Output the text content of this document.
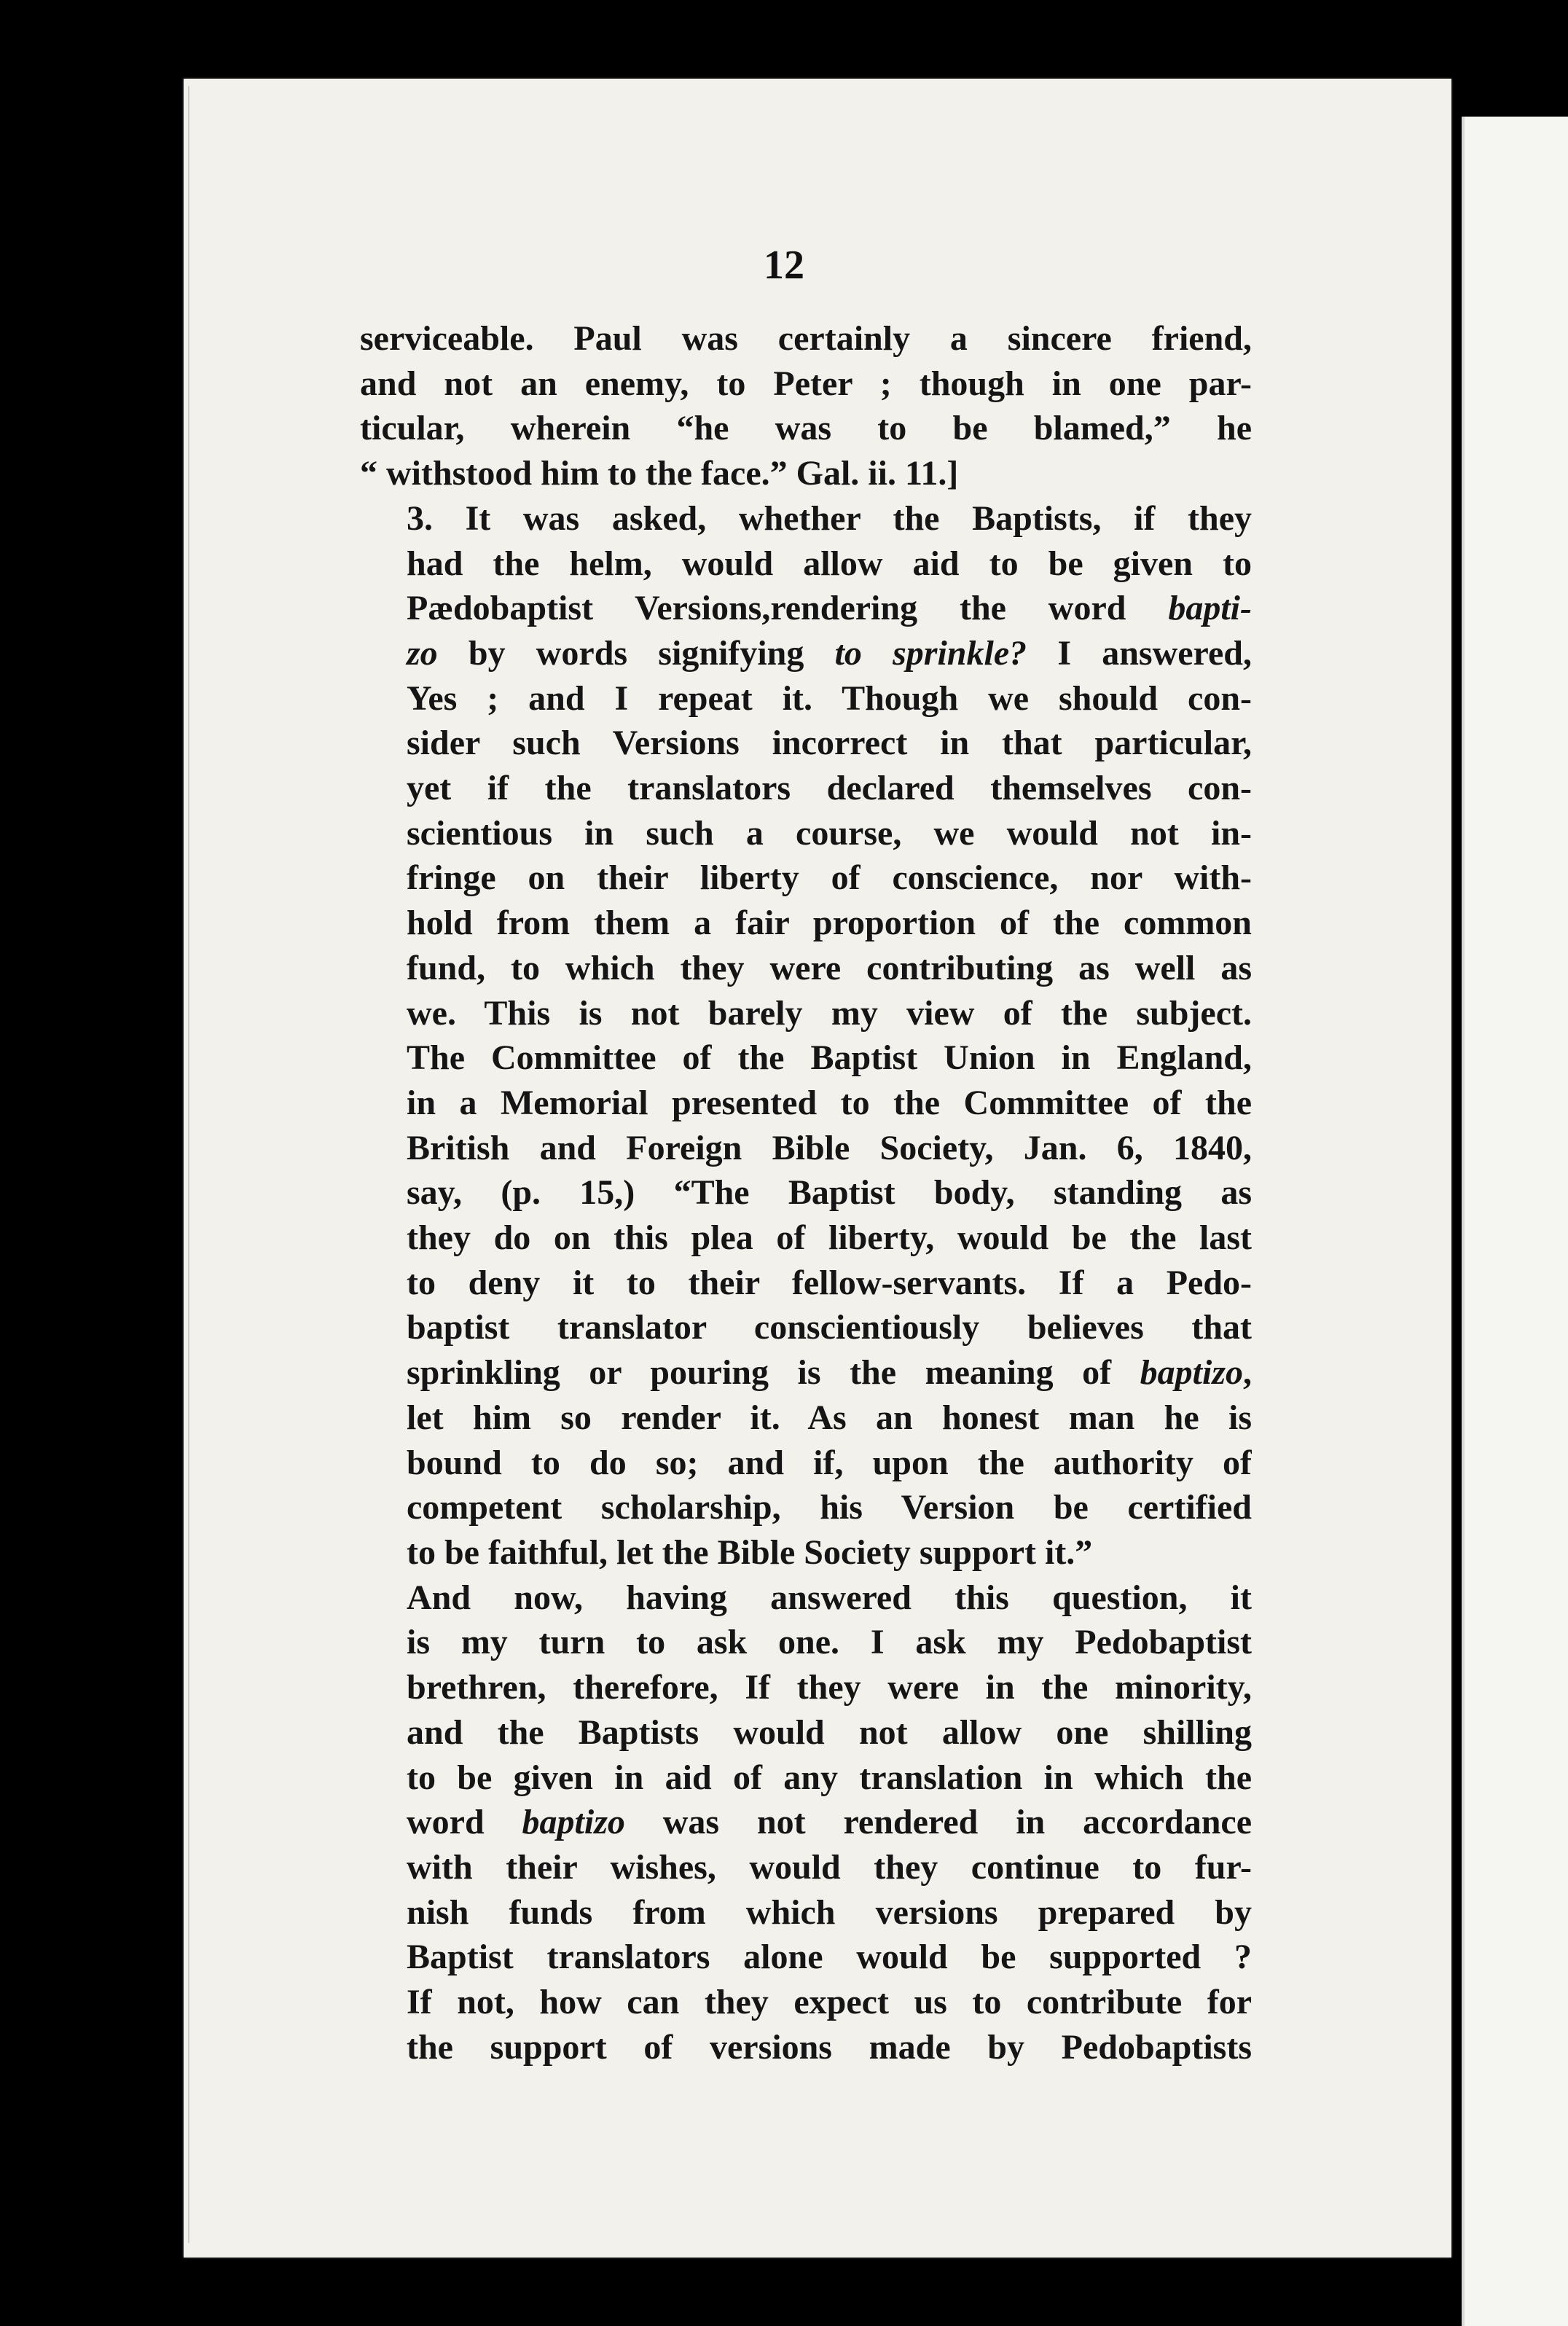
12
serviceable. Paul was certainly a sincere friend,
and not an enemy, to Peter ; though in one par-
ticular, wherein “he was to be blamed,” he
“ withstood him to the face.” Gal. ii. 11.]
3. It was asked, whether the Baptists, if they
had the helm, would allow aid to be given to
Pædobaptist Versions,rendering the word bapti-
zo by words signifying to sprinkle? I answered,
Yes ; and I repeat it. Though we should con-
sider such Versions incorrect in that particular,
yet if the translators declared themselves con-
scientious in such a course, we would not in-
fringe on their liberty of conscience, nor with-
hold from them a fair proportion of the common
fund, to which they were contributing as well as
we. This is not barely my view of the subject.
The Committee of the Baptist Union in England,
in a Memorial presented to the Committee of the
British and Foreign Bible Society, Jan. 6, 1840,
say, (p. 15,) “The Baptist body, standing as
they do on this plea of liberty, would be the last
to deny it to their fellow-servants. If a Pedo-
baptist translator conscientiously believes that
sprinkling or pouring is the meaning of baptizo,
let him so render it. As an honest man he is
bound to do so; and if, upon the authority of
competent scholarship, his Version be certified
to be faithful, let the Bible Society support it.”
And now, having answered this question, it
is my turn to ask one. I ask my Pedobaptist
brethren, therefore, If they were in the minority,
and the Baptists would not allow one shilling
to be given in aid of any translation in which the
word baptizo was not rendered in accordance
with their wishes, would they continue to fur-
nish funds from which versions prepared by
Baptist translators alone would be supported ?
If not, how can they expect us to contribute for
the support of versions made by Pedobaptists
